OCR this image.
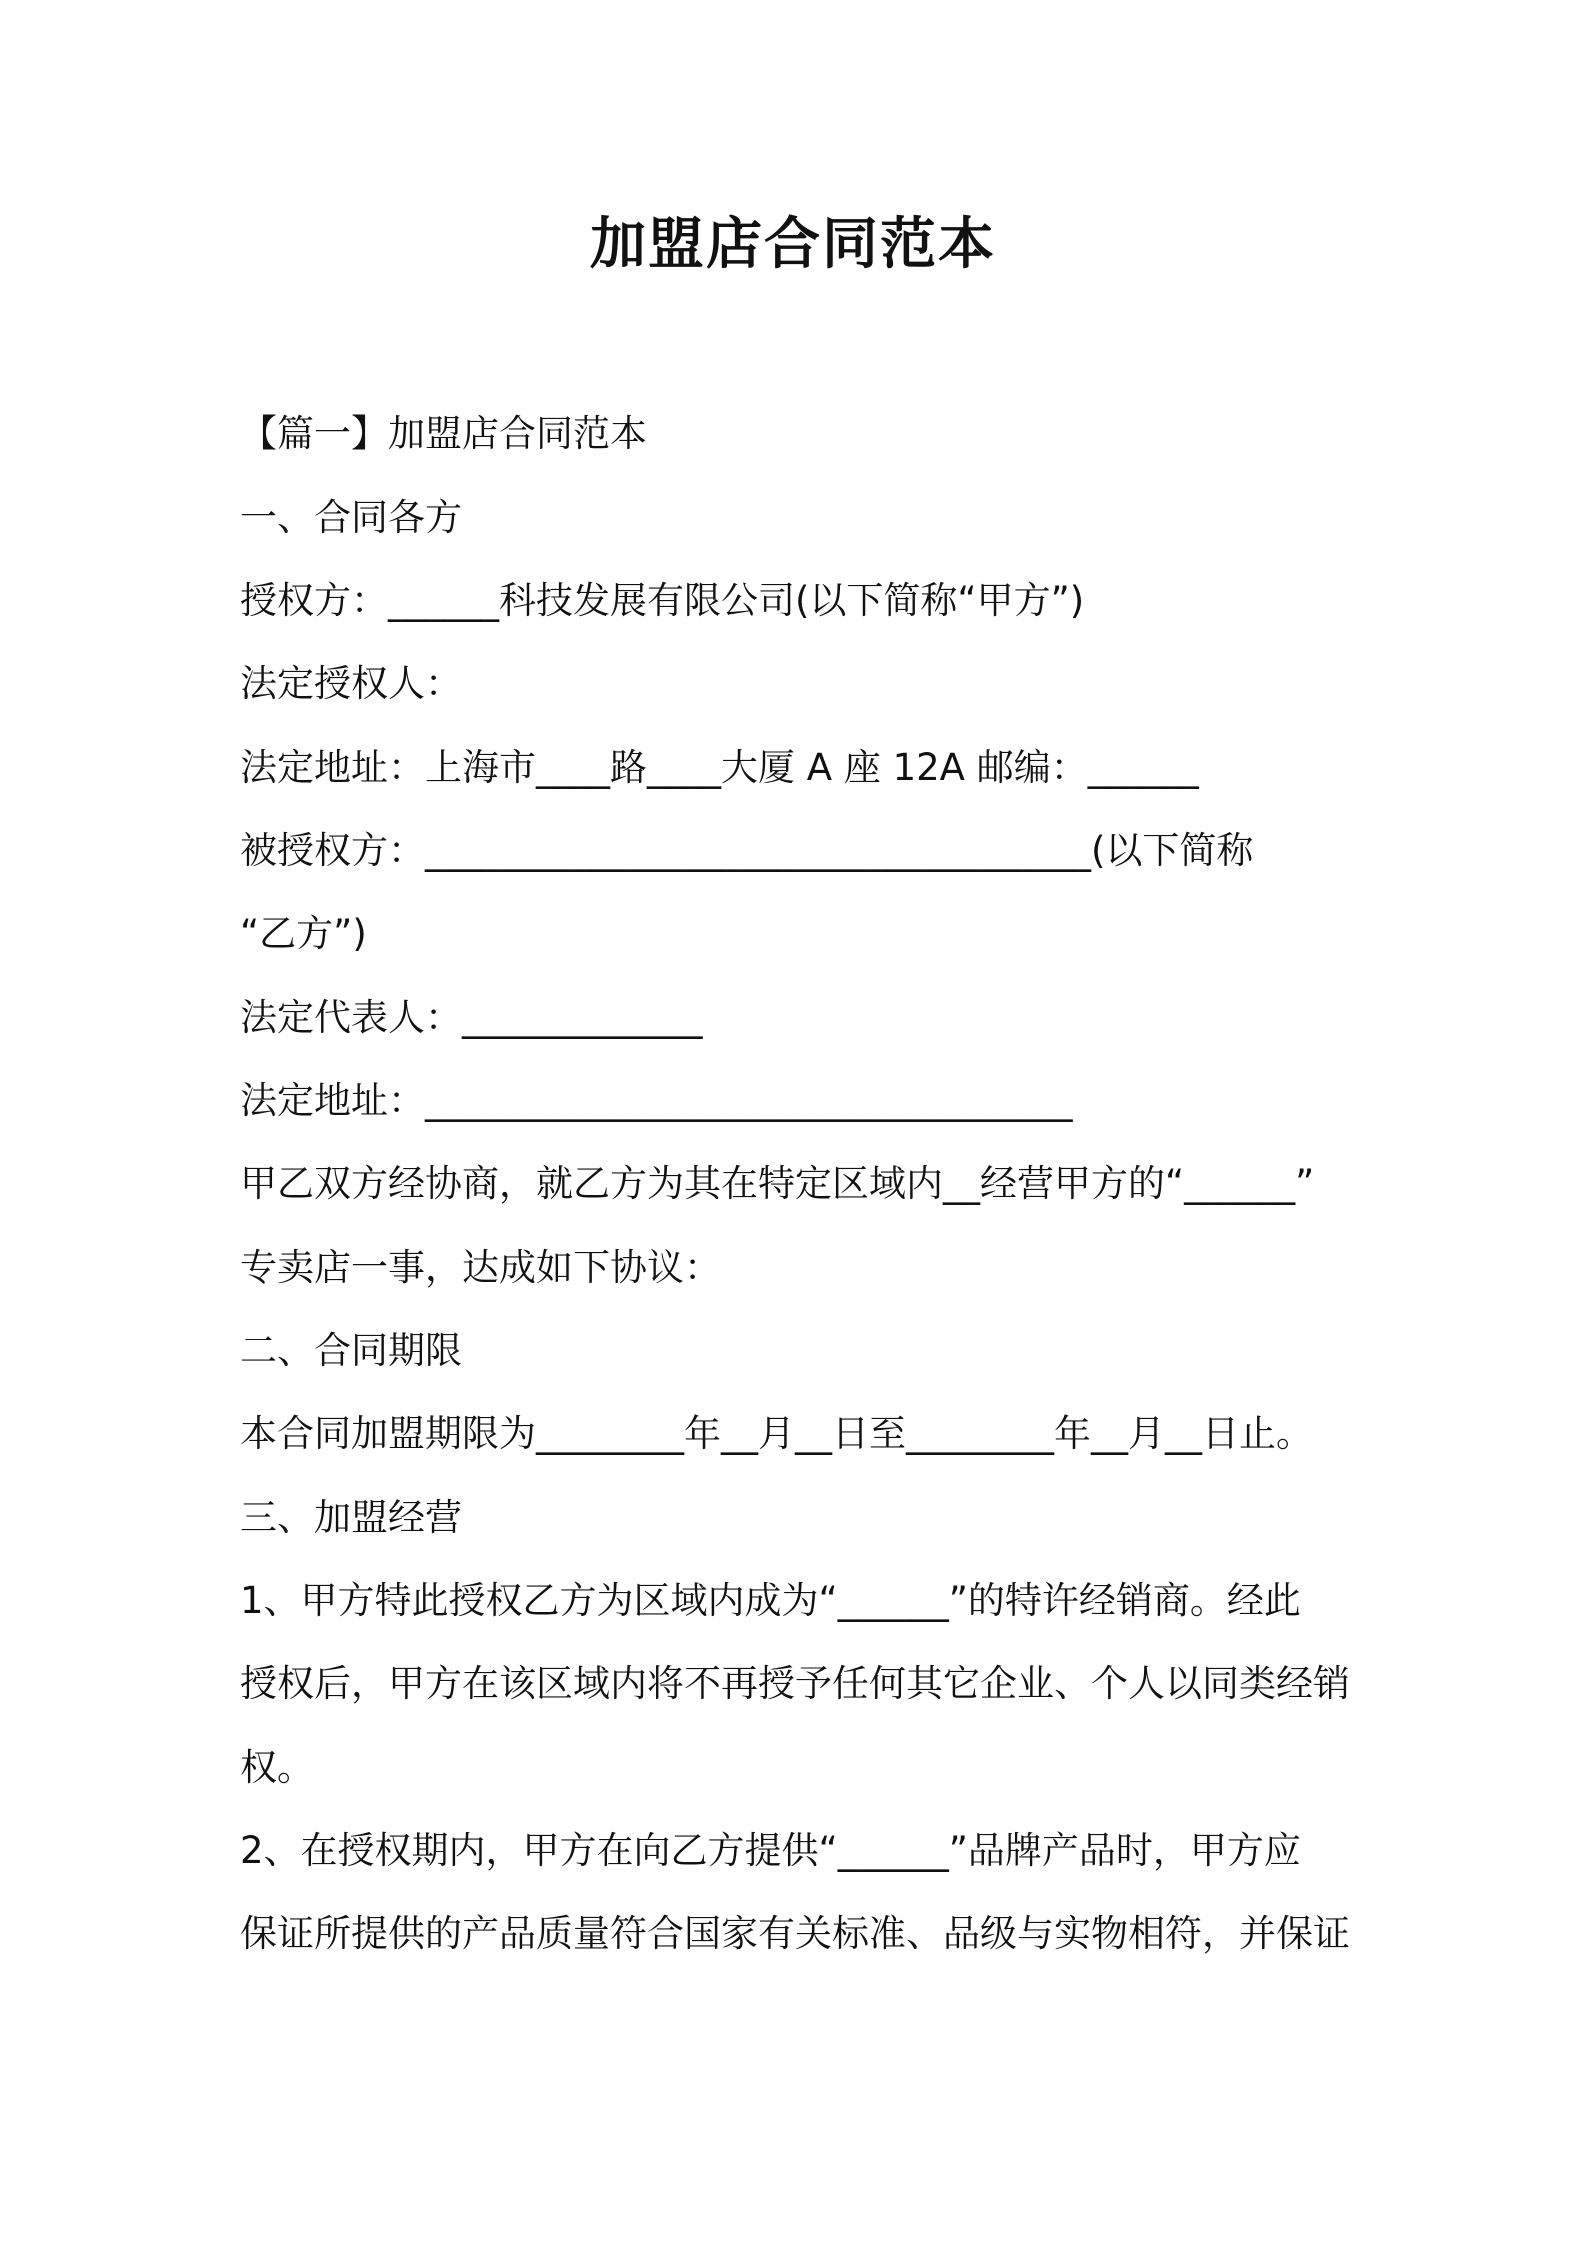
加盟店合同范本
【篇一】加盟店合同范本
一、合同各方
授权方：______科技发展有限公司(以下简称“甲方”)
法定授权人：
法定地址：上海市____路____大厦 A 座 12A 邮编：______
被授权方：____________________________________(以下简称
“乙方”)
法定代表人：_____________
法定地址：___________________________________
甲乙双方经协商，就乙方为其在特定区域内__经营甲方的“______”
专卖店一事，达成如下协议：
二、合同期限
本合同加盟期限为________年__月__日至________年__月__日止。
三、加盟经营
1、甲方特此授权乙方为区域内成为“______”的特许经销商。经此
授权后，甲方在该区域内将不再授予任何其它企业、个人以同类经销
权。
2、在授权期内，甲方在向乙方提供“______”品牌产品时，甲方应
保证所提供的产品质量符合国家有关标准、品级与实物相符，并保证
